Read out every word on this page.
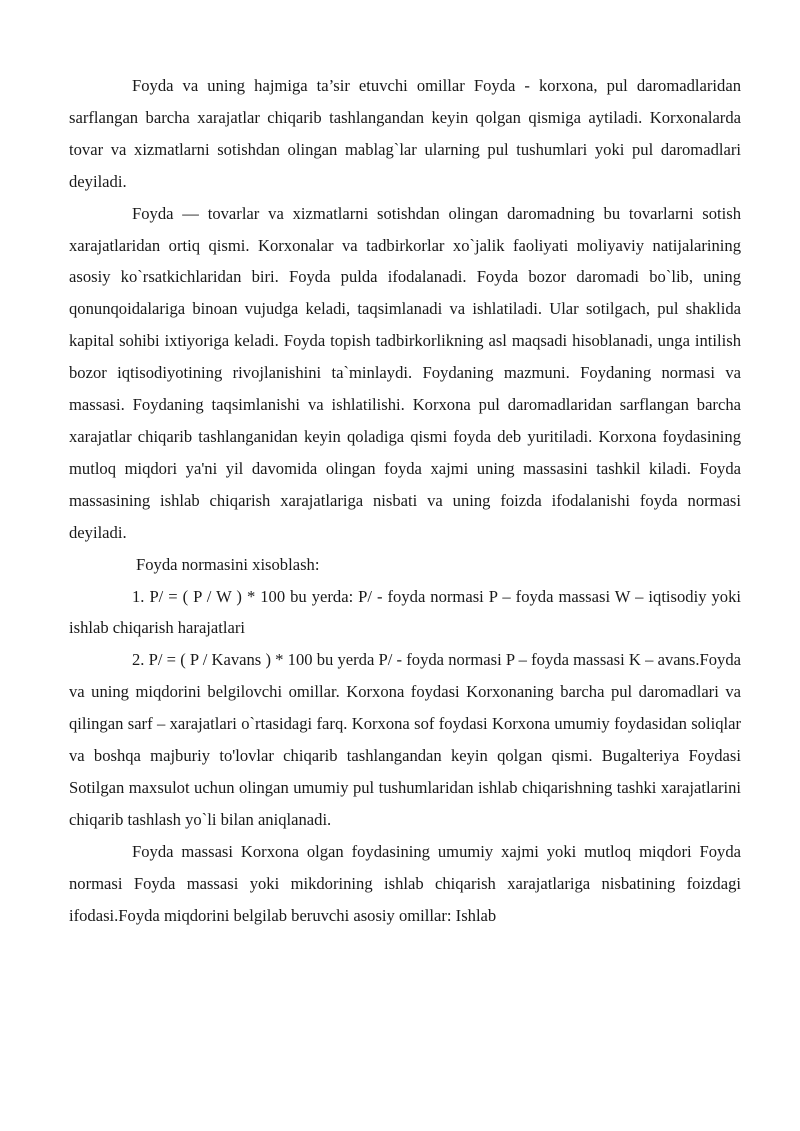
Foyda va uning hajmiga ta’sir etuvchi omillar Foyda - korxona, pul daromadlaridan sarflangan barcha xarajatlar chiqarib tashlangandan keyin qolgan qismiga aytiladi. Korxonalarda tovar va xizmatlarni sotishdan olingan mablag`lar ularning pul tushumlari yoki pul daromadlari deyiladi.

Foyda — tovarlar va xizmatlarni sotishdan olingan daromadning bu tovarlarni sotish xarajatlaridan ortiq qismi. Korxonalar va tadbirkorlar xo`jalik faoliyati moliyaviy natijalarining asosiy ko`rsatkichlaridan biri. Foyda pulda ifodalanadi. Foyda bozor daromadi bo`lib, uning qonunqoidalariga binoan vujudga keladi, taqsimlanadi va ishlatiladi. Ular sotilgach, pul shaklida kapital sohibi ixtiyoriga keladi. Foyda topish tadbirkorlikning asl maqsadi hisoblanadi, unga intilish bozor iqtisodiyotining rivojlanishini ta`minlaydi. Foydaning mazmuni. Foydaning normasi va massasi. Foydaning taqsimlanishi va ishlatilishi. Korxona pul daromadlaridan sarflangan barcha xarajatlar chiqarib tashlanganidan keyin qoladiga qismi foyda deb yuritiladi. Korxona foydasining mutloq miqdori ya'ni yil davomida olingan foyda xajmi uning massasini tashkil kiladi. Foyda massasining ishlab chiqarish xarajatlariga nisbati va uning foizda ifodalanishi foyda normasi deyiladi.

Foyda normasini xisoblash:

1. P/ = ( P / W ) * 100 bu yerda: P/ - foyda normasi P – foyda massasi W – iqtisodiy yoki ishlab chiqarish harajatlari

2. P/ = ( P / Kavans ) * 100 bu yerda P/ - foyda normasi P – foyda massasi K – avans.Foyda va uning miqdorini belgilovchi omillar. Korxona foydasi Korxonaning barcha pul daromadlari va qilingan sarf – xarajatlari o`rtasidagi farq. Korxona sof foydasi Korxona umumiy foydasidan soliqlar va boshqa majburiy to'lovlar chiqarib tashlangandan keyin qolgan qismi. Bugalteriya Foydasi Sotilgan maxsulot uchun olingan umumiy pul tushumlaridan ishlab chiqarishning tashki xarajatlarini chiqarib tashlash yo`li bilan aniqlanadi.

Foyda massasi Korxona olgan foydasining umumiy xajmi yoki mutloq miqdori Foyda normasi Foyda massasi yoki mikdorining ishlab chiqarish xarajatlariga nisbatining foizdagi ifodasi.Foyda miqdorini belgilab beruvchi asosiy omillar: Ishlab
